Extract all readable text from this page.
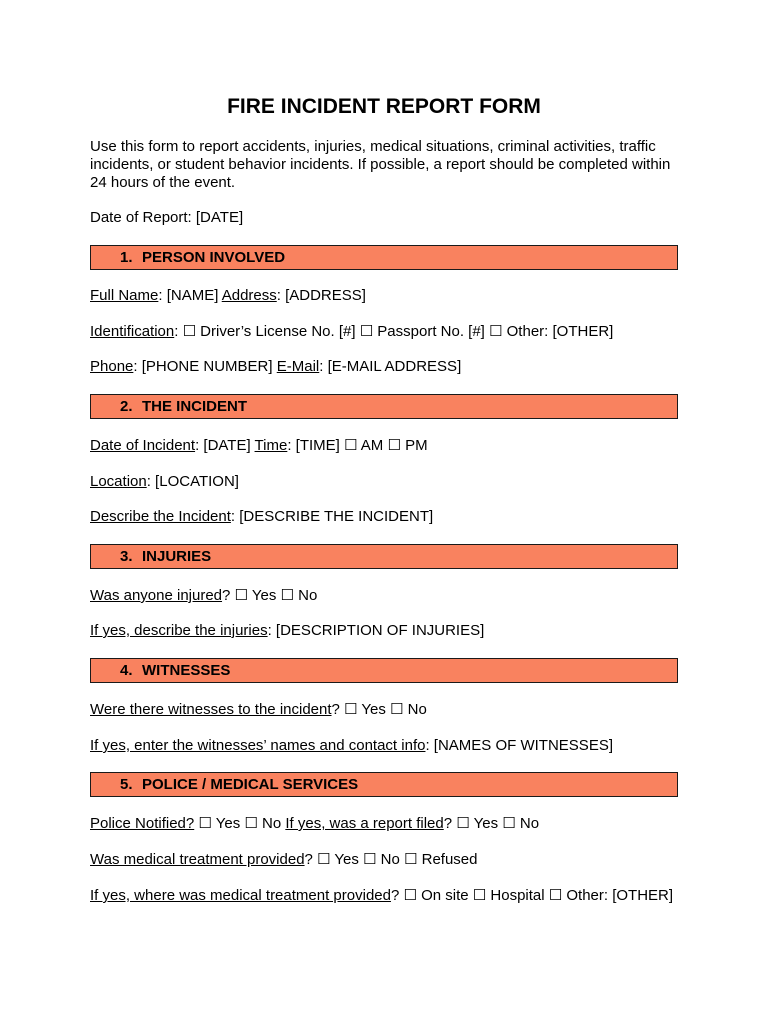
FIRE INCIDENT REPORT FORM

Use this form to report accidents, injuries, medical situations, criminal activities, traffic incidents, or student behavior incidents. If possible, a report should be completed within 24 hours of the event.

Date of Report: [DATE]

1. PERSON INVOLVED

Full Name: [NAME] Address: [ADDRESS]

Identification: ☐ Driver’s License No. [#] ☐ Passport No. [#] ☐ Other: [OTHER]

Phone: [PHONE NUMBER] E-Mail: [E-MAIL ADDRESS]

2. THE INCIDENT

Date of Incident: [DATE] Time: [TIME] ☐ AM ☐ PM

Location: [LOCATION]

Describe the Incident: [DESCRIBE THE INCIDENT]

3. INJURIES

Was anyone injured? ☐ Yes ☐ No

If yes, describe the injuries: [DESCRIPTION OF INJURIES]

4. WITNESSES

Were there witnesses to the incident? ☐ Yes ☐ No

If yes, enter the witnesses’ names and contact info: [NAMES OF WITNESSES]

5. POLICE / MEDICAL SERVICES

Police Notified? ☐ Yes ☐ No If yes, was a report filed? ☐ Yes ☐ No

Was medical treatment provided? ☐ Yes ☐ No ☐ Refused

If yes, where was medical treatment provided? ☐ On site ☐ Hospital ☐ Other: [OTHER]
